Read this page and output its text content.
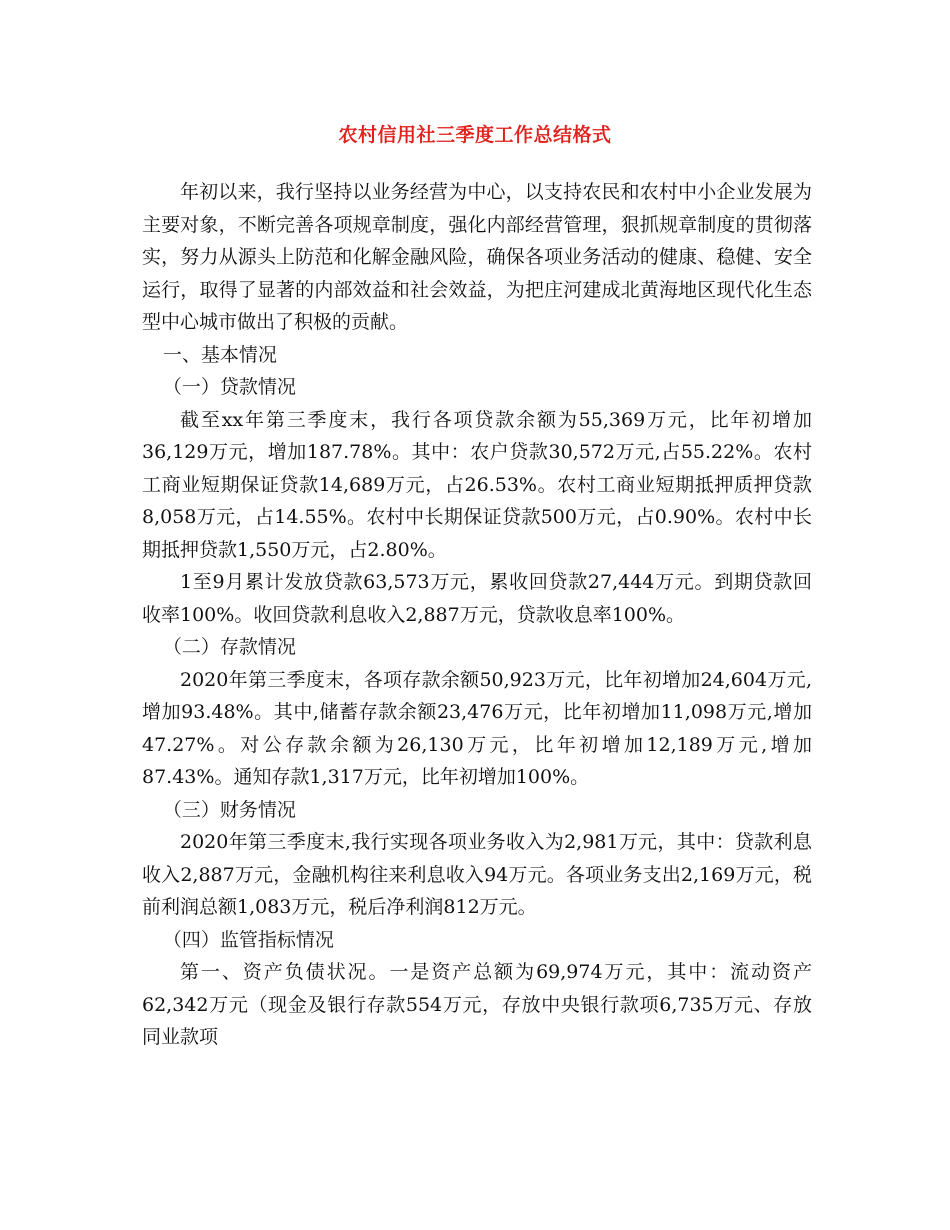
农村信用社三季度工作总结格式

年初以来，我行坚持以业务经营为中心，以支持农民和农村中小企业发展为主要对象，不断完善各项规章制度，强化内部经营管理，狠抓规章制度的贯彻落实，努力从源头上防范和化解金融风险，确保各项业务活动的健康、稳健、安全运行，取得了显著的内部效益和社会效益，为把庄河建成北黄海地区现代化生态型中心城市做出了积极的贡献。

一、基本情况

（一）贷款情况

截至xx年第三季度末，我行各项贷款余额为55,369万元，比年初增加36,129万元，增加187.78%。其中：农户贷款30,572万元,占55.22%。农村工商业短期保证贷款14,689万元，占26.53%。农村工商业短期抵押质押贷款8,058万元，占14.55%。农村中长期保证贷款500万元，占0.90%。农村中长期抵押贷款1,550万元，占2.80%。

1至9月累计发放贷款63,573万元，累收回贷款27,444万元。到期贷款回收率100%。收回贷款利息收入2,887万元，贷款收息率100%。

（二）存款情况

2020年第三季度末，各项存款余额50,923万元，比年初增加24,604万元,增加93.48%。其中,储蓄存款余额23,476万元，比年初增加11,098万元,增加47.27%。对公存款余额为26,130万元，比年初增加12,189万元,增加87.43%。通知存款1,317万元，比年初增加100%。

（三）财务情况

2020年第三季度末,我行实现各项业务收入为2,981万元，其中：贷款利息收入2,887万元，金融机构往来利息收入94万元。各项业务支出2,169万元，税前利润总额1,083万元，税后净利润812万元。

（四）监管指标情况

第一、资产负债状况。一是资产总额为69,974万元，其中：流动资产62,342万元（现金及银行存款554万元，存放中央银行款项6,735万元、存放同业款项
